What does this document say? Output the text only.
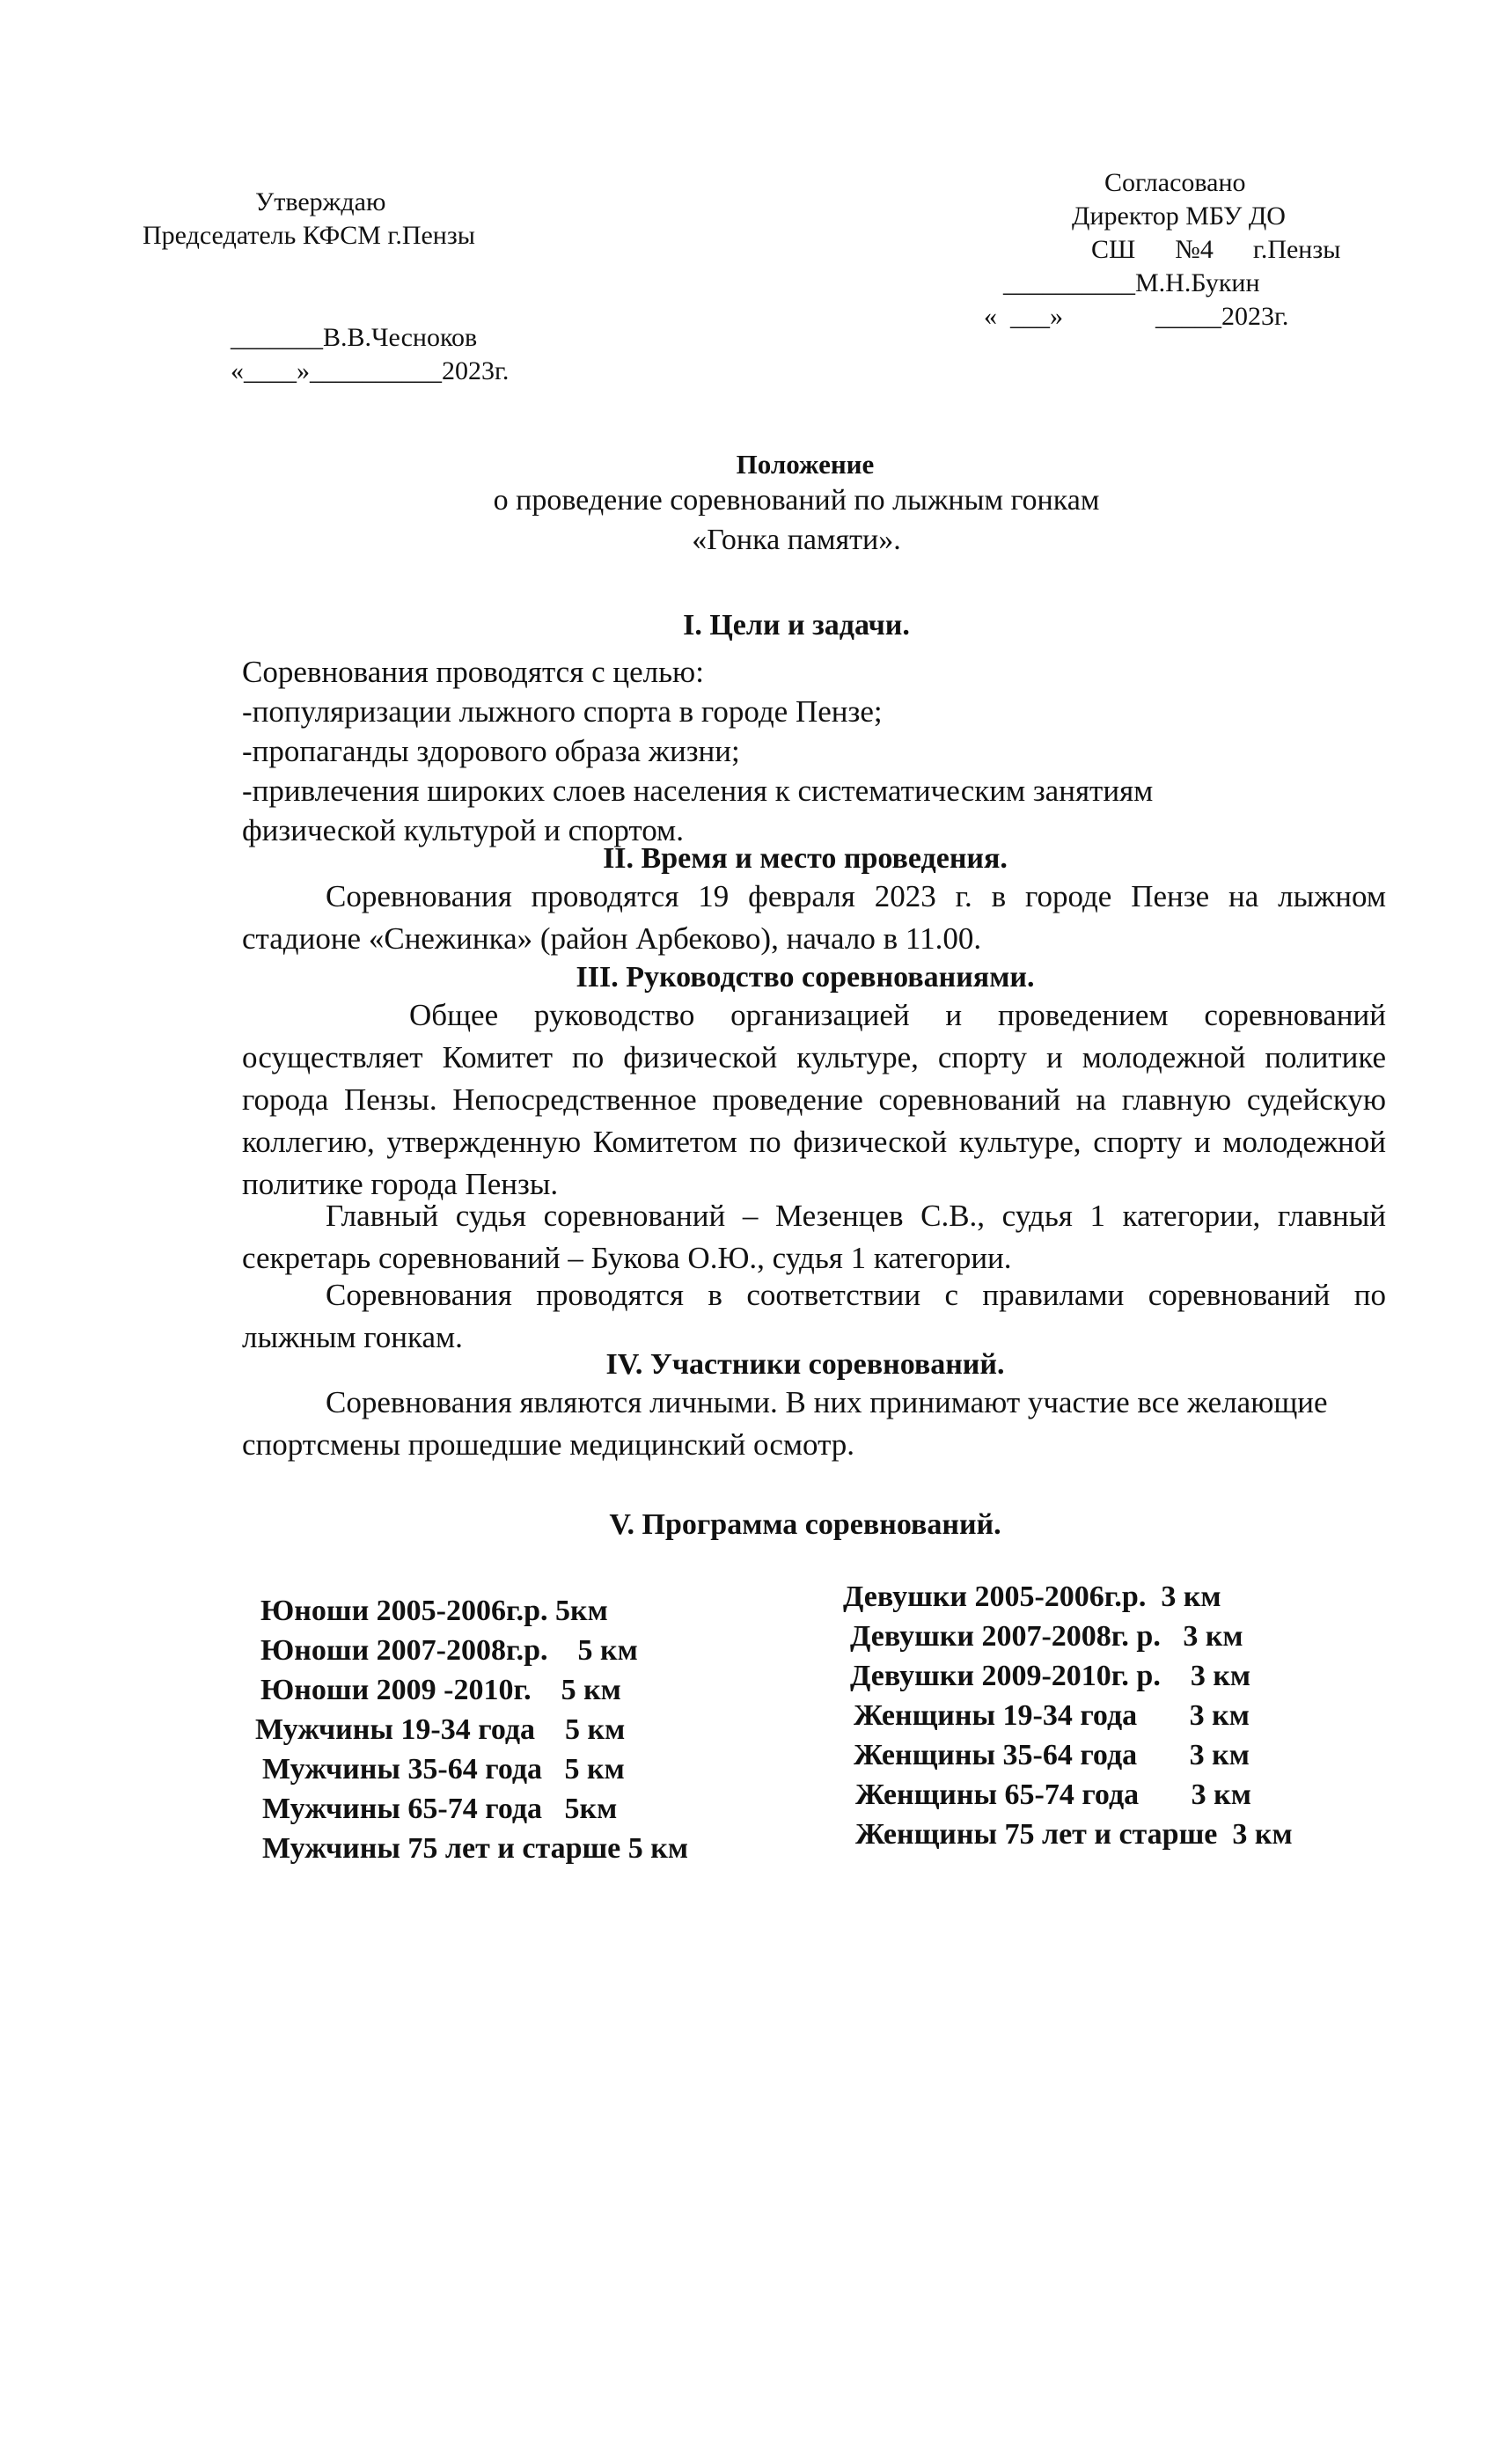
Утверждаю
Председатель КФСМ г.Пензы
_______В.В.Чесноков
«____»__________2023г.
Согласовано
Директор МБУ ДО
СШ      №4      г.Пензы
__________М.Н.Букин
«  ___»              _____2023г.
Положение
о проведение соревнований по лыжным гонкам
«Гонка памяти».
I. Цели и задачи.
Соревнования проводятся с целью:
-популяризации лыжного спорта в городе Пензе;
-пропаганды здорового образа жизни;
-привлечения широких слоев населения к систематическим занятиям
физической культурой и спортом.
II. Время и место проведения.
Соревнования проводятся 19 февраля 2023 г. в городе Пензе на лыжном стадионе «Снежинка» (район Арбеково), начало в 11.00.
III. Руководство соревнованиями.
Общее руководство организацией и проведением соревнований осуществляет Комитет по физической культуре, спорту и молодежной политике города Пензы. Непосредственное проведение соревнований на главную судейскую коллегию, утвержденную Комитетом по физической культуре, спорту и молодежной политике города Пензы.
Главный судья соревнований – Мезенцев С.В., судья 1 категории, главный секретарь соревнований – Букова О.Ю., судья 1 категории.
Соревнования проводятся в соответствии с правилами соревнований по лыжным гонкам.
IV. Участники соревнований.
Соревнования являются личными. В них принимают участие все желающие спортсмены прошедшие медицинский осмотр.
V. Программа соревнований.
Юноши 2005-2006г.р. 5км
Юноши 2007-2008г.р.    5 км
Юноши 2009 -2010г.    5 км
Мужчины 19-34 года    5 км
Мужчины 35-64 года   5 км
Мужчины 65-74 года   5км
Мужчины 75 лет и старше 5 км
Девушки 2005-2006г.р.  3 км
Девушки 2007-2008г. р.   3 км
Девушки 2009-2010г. р.    3 км
Женщины 19-34 года       3 км
Женщины 35-64 года       3 км
Женщины 65-74 года       3 км
Женщины 75 лет и старше  3 км
